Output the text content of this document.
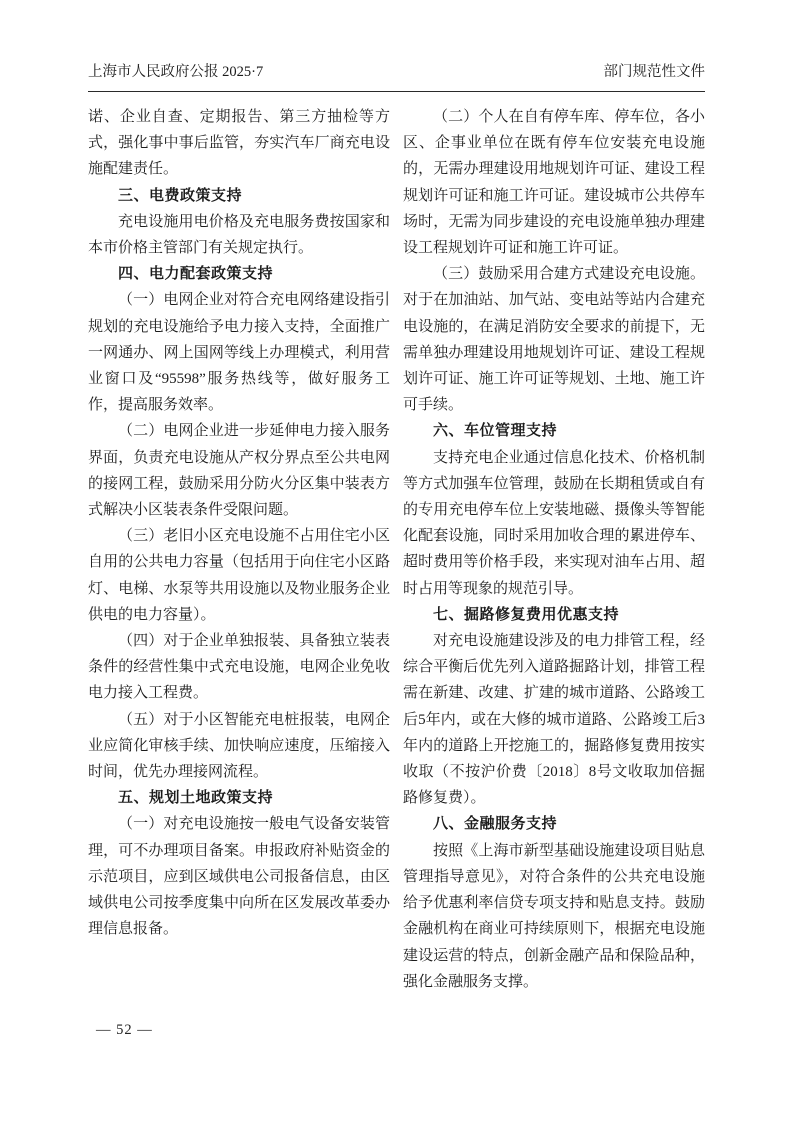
上海市人民政府公报 2025·7	部门规范性文件

诺、企业自查、定期报告、第三方抽检等方式，强化事中事后监管，夯实汽车厂商充电设施配建责任。

三、电费政策支持

充电设施用电价格及充电服务费按国家和本市价格主管部门有关规定执行。

四、电力配套政策支持

（一）电网企业对符合充电网络建设指引规划的充电设施给予电力接入支持，全面推广一网通办、网上国网等线上办理模式，利用营业窗口及“95598”服务热线等，做好服务工作，提高服务效率。

（二）电网企业进一步延伸电力接入服务界面，负责充电设施从产权分界点至公共电网的接网工程，鼓励采用分防火分区集中装表方式解决小区装表条件受限问题。

（三）老旧小区充电设施不占用住宅小区自用的公共电力容量（包括用于向住宅小区路灯、电梯、水泵等共用设施以及物业服务企业供电的电力容量）。

（四）对于企业单独报装、具备独立装表条件的经营性集中式充电设施，电网企业免收电力接入工程费。

（五）对于小区智能充电桩报装，电网企业应简化审核手续、加快响应速度，压缩接入时间，优先办理接网流程。

五、规划土地政策支持

（一）对充电设施按一般电气设备安装管理，可不办理项目备案。申报政府补贴资金的示范项目，应到区域供电公司报备信息，由区域供电公司按季度集中向所在区发展改革委办理信息报备。

（二）个人在自有停车库、停车位，各小区、企事业单位在既有停车位安装充电设施的，无需办理建设用地规划许可证、建设工程规划许可证和施工许可证。建设城市公共停车场时，无需为同步建设的充电设施单独办理建设工程规划许可证和施工许可证。

（三）鼓励采用合建方式建设充电设施。对于在加油站、加气站、变电站等站内合建充电设施的，在满足消防安全要求的前提下，无需单独办理建设用地规划许可证、建设工程规划许可证、施工许可证等规划、土地、施工许可手续。

六、车位管理支持

支持充电企业通过信息化技术、价格机制等方式加强车位管理，鼓励在长期租赁或自有的专用充电停车位上安装地磁、摄像头等智能化配套设施，同时采用加收合理的累进停车、超时费用等价格手段，来实现对油车占用、超时占用等现象的规范引导。

七、掘路修复费用优惠支持

对充电设施建设涉及的电力排管工程，经综合平衡后优先列入道路掘路计划，排管工程需在新建、改建、扩建的城市道路、公路竣工后5年内，或在大修的城市道路、公路竣工后3年内的道路上开挖施工的，掘路修复费用按实收取（不按沪价费〔2018〕8号文收取加倍掘路修复费）。

八、金融服务支持

按照《上海市新型基础设施建设项目贴息管理指导意见》，对符合条件的公共充电设施给予优惠利率信贷专项支持和贴息支持。鼓励金融机构在商业可持续原则下，根据充电设施建设运营的特点，创新金融产品和保险品种，强化金融服务支撑。

— 52 —
